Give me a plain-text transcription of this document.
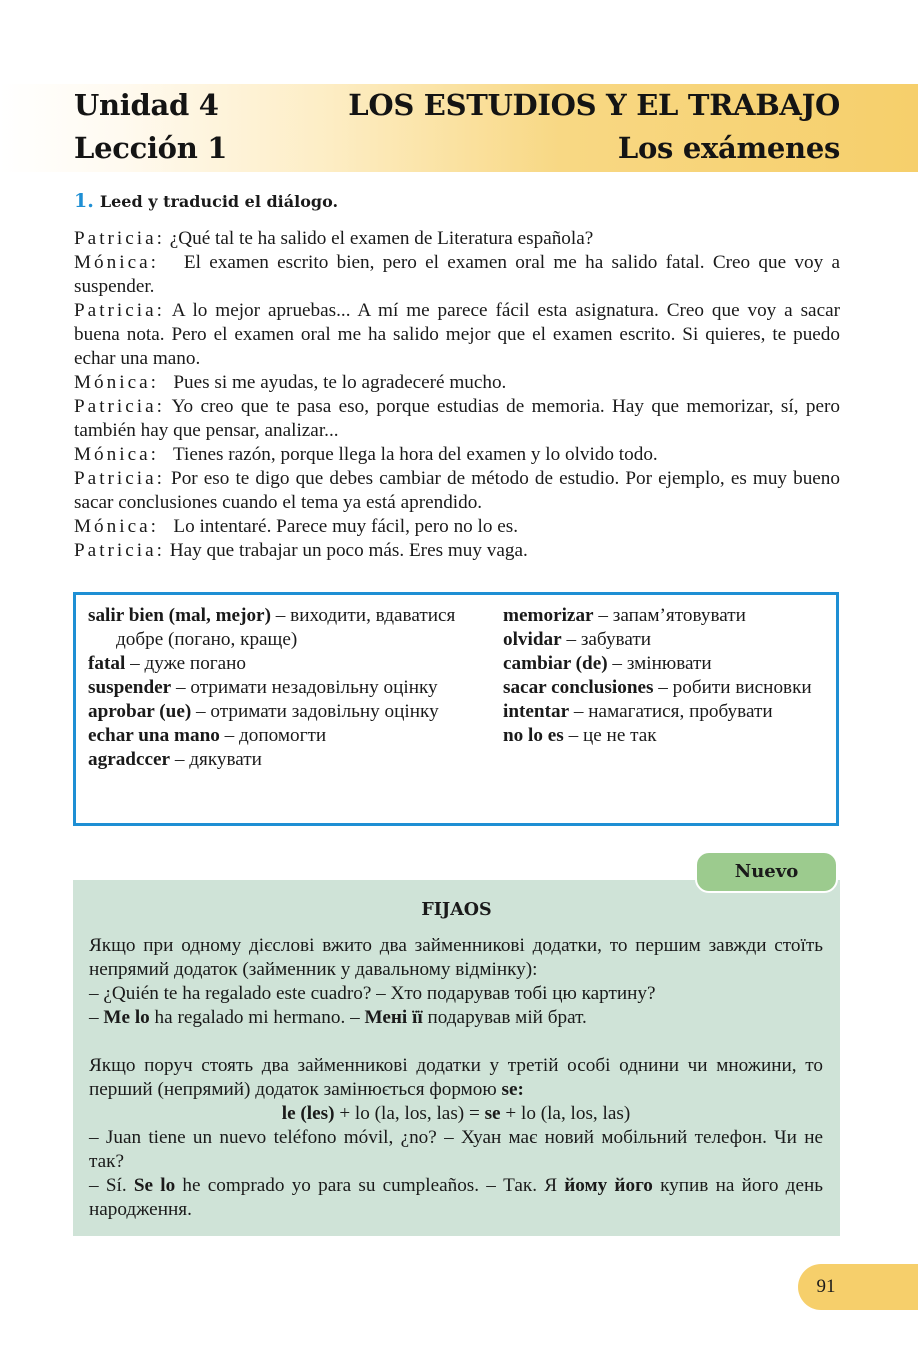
Unidad 4	LOS ESTUDIOS Y EL TRABAJO
Lección 1	Los exámenes
1. Leed y traducid el diálogo.

Patricia: ¿Qué tal te ha salido el examen de Literatura española?

Mónica: El examen escrito bien, pero el examen oral me ha salido fatal. Creo que voy a suspender.

Patricia: A lo mejor apruebas... A mí me parece fácil esta asignatura. Creo que voy a sacar buena nota. Pero el examen oral me ha salido mejor que el examen escrito. Si quieres, te puedo echar una mano.

Mónica: Pues si me ayudas, te lo agradeceré mucho.

Patricia: Yo creo que te pasa eso, porque estudias de memoria. Hay que memorizar, sí, pero también hay que pensar, analizar...

Mónica: Tienes razón, porque llega la hora del examen y lo olvido todo.

Patricia: Por eso te digo que debes cambiar de método de estudio. Por ejemplo, es muy bueno sacar conclusiones cuando el tema ya está aprendido.

Mónica: Lo intentaré. Parece muy fácil, pero no lo es.

Patricia: Hay que trabajar un poco más. Eres muy vaga.

salir bien (mal, mejor) – виходити, вдаватися добре (погано, краще)
fatal – дуже погано
suspender – отримати незадовільну оцінку
aprobar (ue) – отримати задовільну оцінку
echar una mano – допомогти
agradccer – дякувати
memorizar – запам’ятовувати
olvidar – забувати
cambiar (de) – змінювати
sacar conclusiones – робити висновки
intentar – намагатися, пробувати
no lo es – це не так
FIJAOS

Якщо при одному дієслові вжито два займенникові додатки, то першим завжди стоїть непрямий додаток (займенник у давальному відмінку):

– ¿Quién te ha regalado este cuadro? – Хто подарував тобі цю картину?

– Me lo ha regalado mi hermano. – Мені її подарував мій брат.

Якщо поруч стоять два займенникові додатки у третій особі однини чи множини, то перший (непрямий) додаток замінюється формою se:

le (les) + lo (la, los, las) = se + lo (la, los, las)

– Juan tiene un nuevo teléfono móvil, ¿no? – Хуан має новий мобільний телефон. Чи не так?

– Sí. Se lo he comprado yo para su cumpleaños. – Так. Я йому його купив на його день народження.

Nuevo
91
